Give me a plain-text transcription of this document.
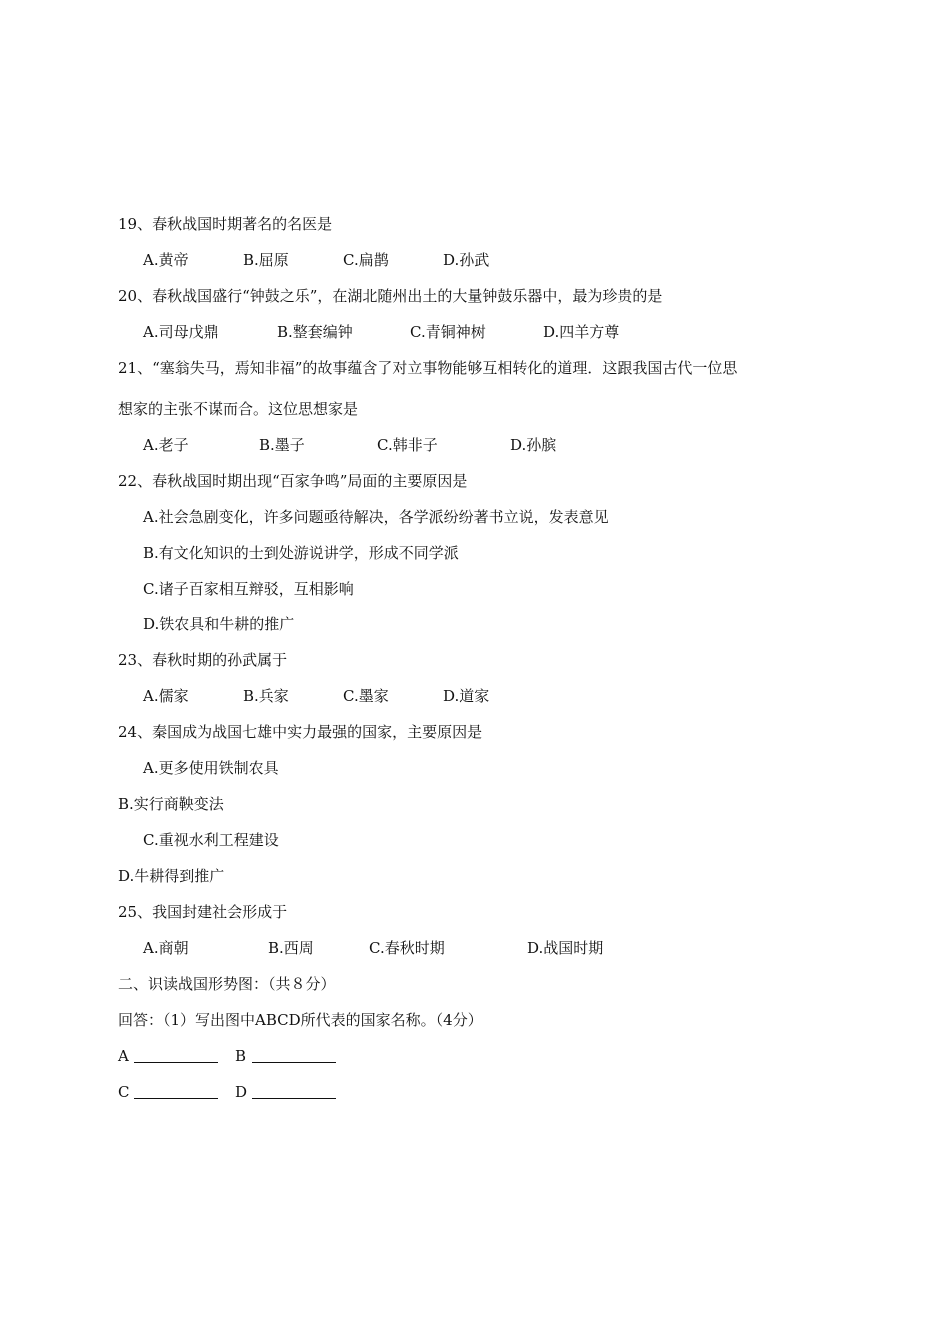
19、春秋战国时期著名的名医是
A.黄帝	B.屈原	C.扁鹊	D.孙武
20、春秋战国盛行“钟鼓之乐”，在湖北随州出土的大量钟鼓乐器中，最为珍贵的是
A.司母戊鼎	B.整套编钟	C.青铜神树	D.四羊方尊
21、“塞翁失马，焉知非福”的故事蕴含了对立事物能够互相转化的道理．这跟我国古代一位思
想家的主张不谋而合。这位思想家是
A.老子	B.墨子	C.韩非子	D.孙膑
22、春秋战国时期出现“百家争鸣”局面的主要原因是
A.社会急剧变化，许多问题亟待解决，各学派纷纷著书立说，发表意见
B.有文化知识的士到处游说讲学，形成不同学派
C.诸子百家相互辩驳，互相影响
D.铁农具和牛耕的推广
23、春秋时期的孙武属于
A.儒家	B.兵家	C.墨家	D.道家
24、秦国成为战国七雄中实力最强的国家，主要原因是
A.更多使用铁制农具
B.实行商鞅变法
C.重视水利工程建设
D.牛耕得到推广
25、我国封建社会形成于
A.商朝	B.西周	C.春秋时期	D.战国时期
二、识读战国形势图：（共８分）
回答：（1）写出图中ABCD所代表的国家名称。（4分）
A	B
C	D
